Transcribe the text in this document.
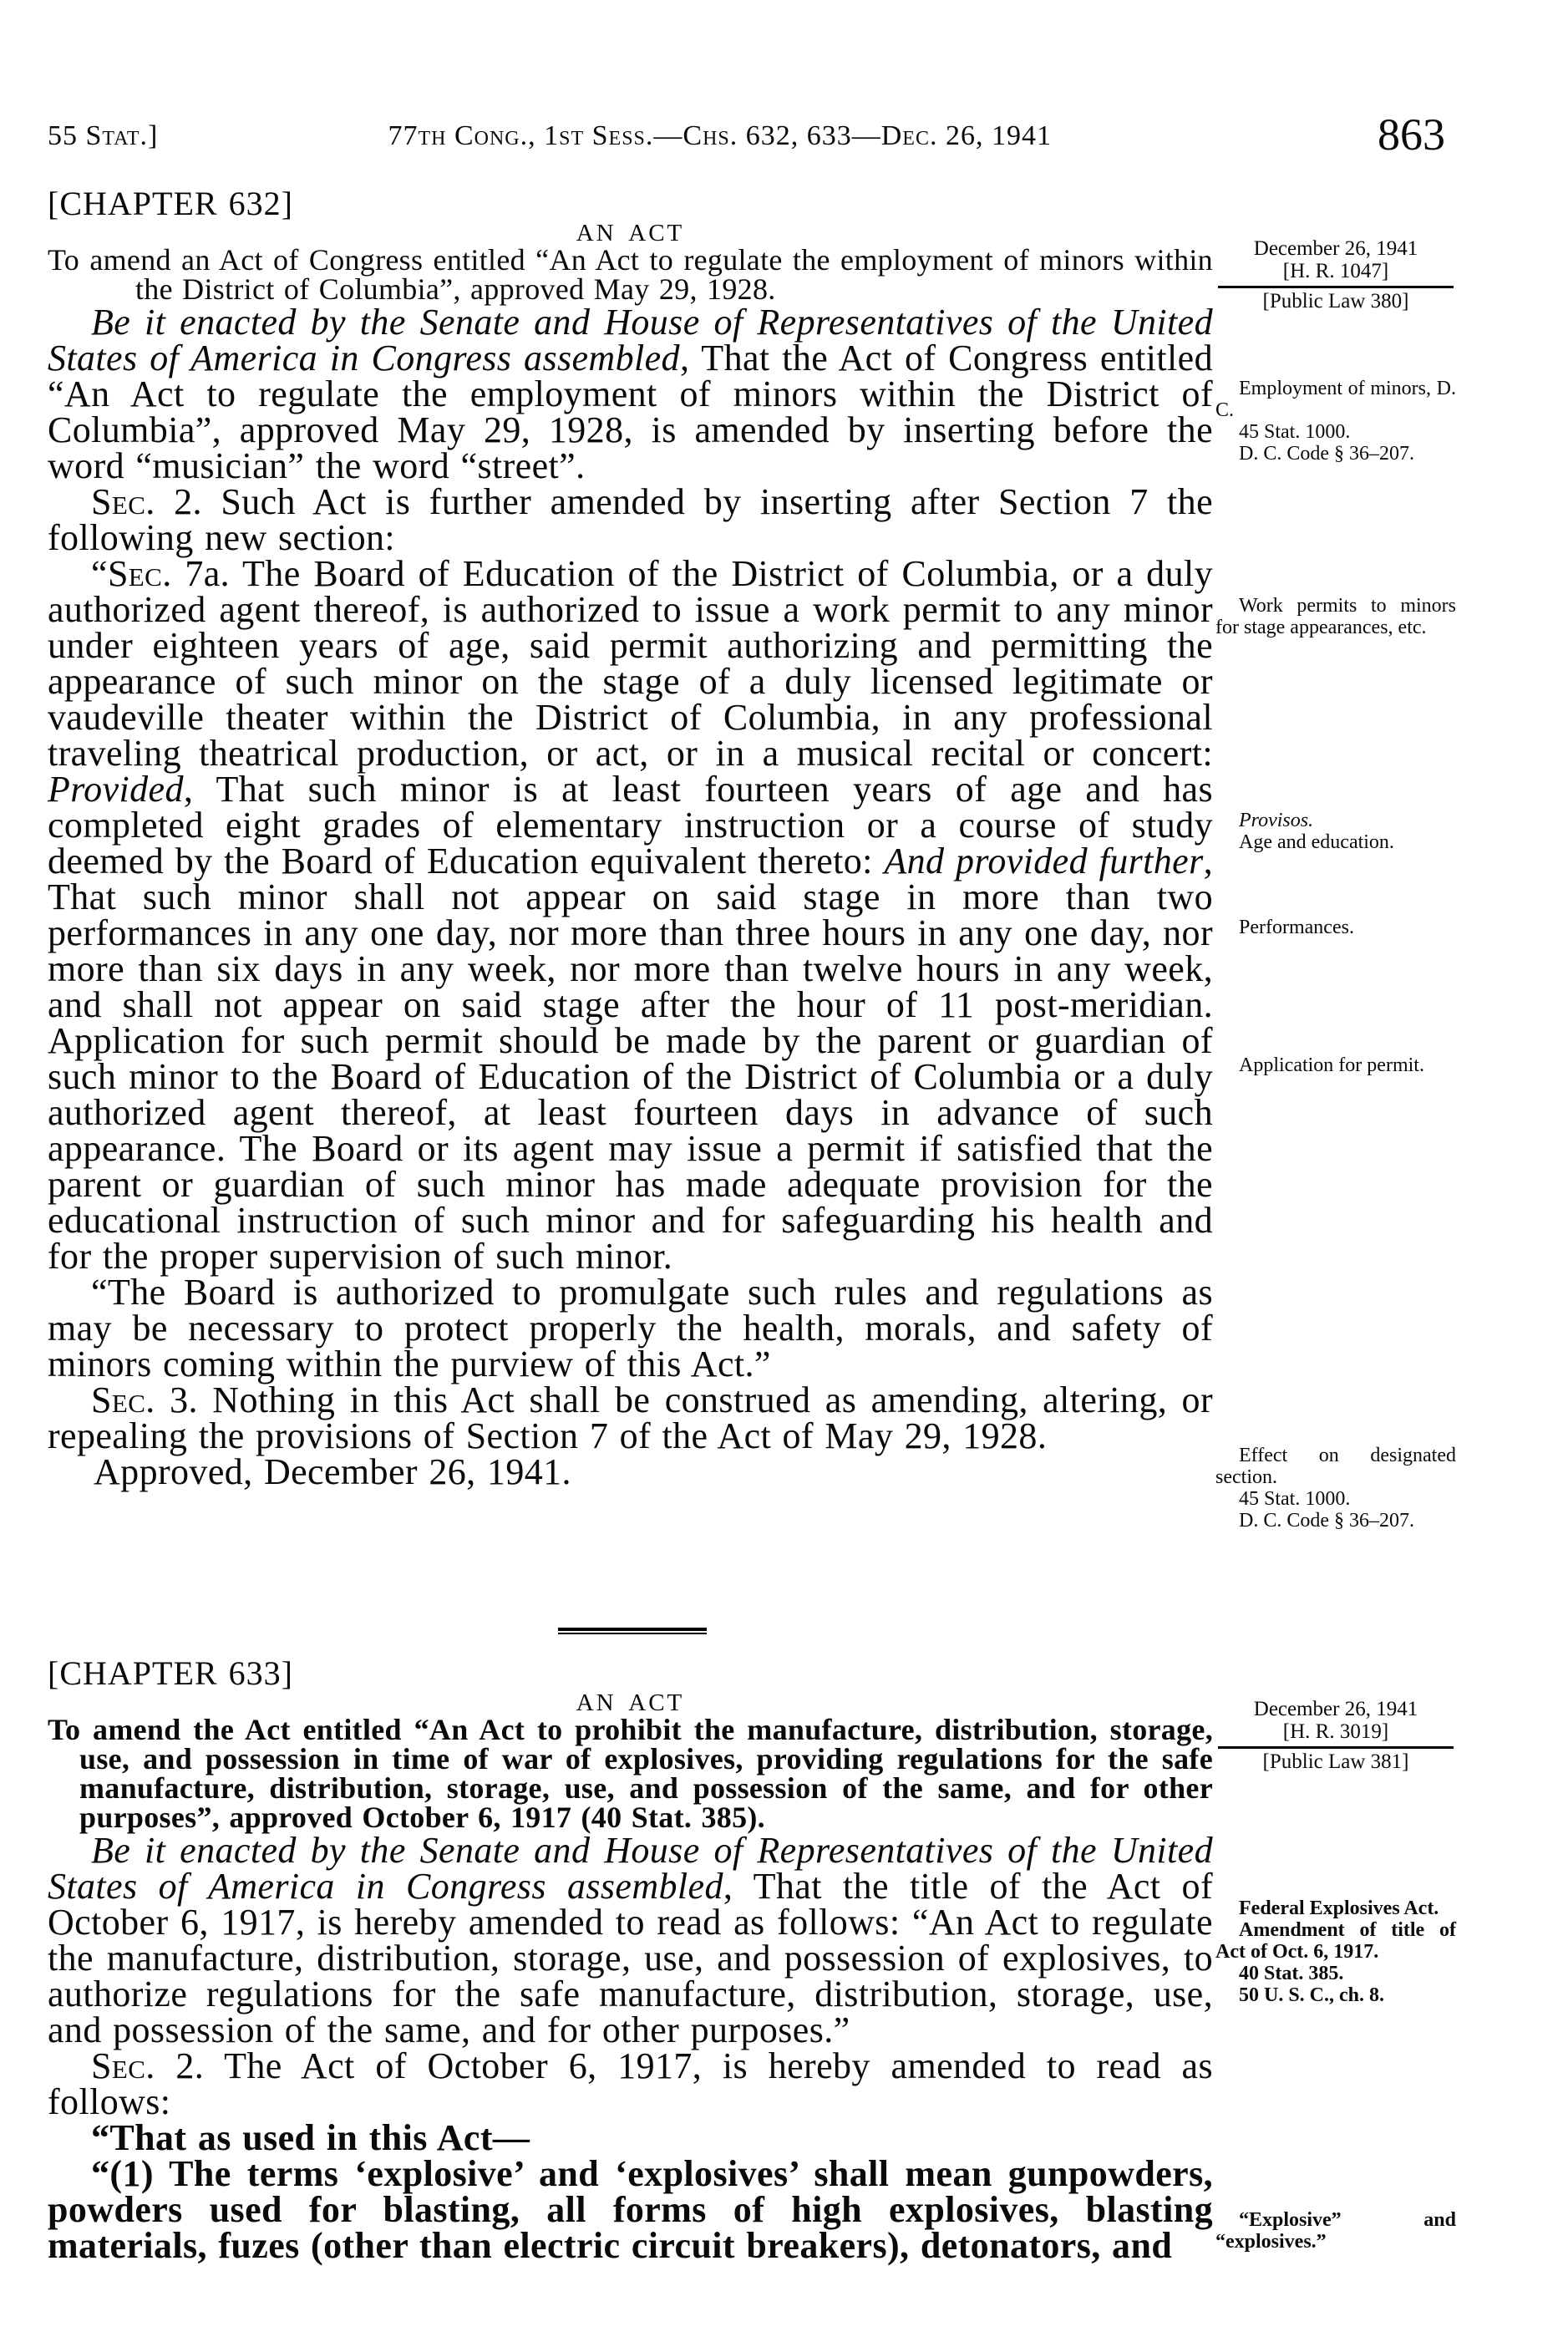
55 Stat.]	77th Cong., 1st Sess.—Chs. 632, 633—Dec. 26, 1941	863

[CHAPTER 632]

AN ACT

To amend an Act of Congress entitled “An Act to regulate the employment of minors within the District of Columbia”, approved May 29, 1928.

Be it enacted by the Senate and House of Representatives of the United States of America in Congress assembled, That the Act of Congress entitled “An Act to regulate the employment of minors within the District of Columbia”, approved May 29, 1928, is amended by inserting before the word “musician” the word “street”.

Sec. 2. Such Act is further amended by inserting after Section 7 the following new section:

“Sec. 7a. The Board of Education of the District of Columbia, or a duly authorized agent thereof, is authorized to issue a work permit to any minor under eighteen years of age, said permit authorizing and permitting the appearance of such minor on the stage of a duly licensed legitimate or vaudeville theater within the District of Columbia, in any professional traveling theatrical production, or act, or in a musical recital or concert: Provided, That such minor is at least fourteen years of age and has completed eight grades of elementary instruction or a course of study deemed by the Board of Education equivalent thereto: And provided further, That such minor shall not appear on said stage in more than two performances in any one day, nor more than three hours in any one day, nor more than six days in any week, nor more than twelve hours in any week, and shall not appear on said stage after the hour of 11 post-meridian. Application for such permit should be made by the parent or guardian of such minor to the Board of Education of the District of Columbia or a duly authorized agent thereof, at least fourteen days in advance of such appearance. The Board or its agent may issue a permit if satisfied that the parent or guardian of such minor has made adequate provision for the educational instruction of such minor and for safeguarding his health and for the proper supervision of such minor.

“The Board is authorized to promulgate such rules and regulations as may be necessary to protect properly the health, morals, and safety of minors coming within the purview of this Act.”

Sec. 3. Nothing in this Act shall be construed as amending, altering, or repealing the provisions of Section 7 of the Act of May 29, 1928.

Approved, December 26, 1941.

[CHAPTER 633]

AN ACT

To amend the Act entitled “An Act to prohibit the manufacture, distribution, storage, use, and possession in time of war of explosives, providing regulations for the safe manufacture, distribution, storage, use, and possession of the same, and for other purposes”, approved October 6, 1917 (40 Stat. 385).

Be it enacted by the Senate and House of Representatives of the United States of America in Congress assembled, That the title of the Act of October 6, 1917, is hereby amended to read as follows: “An Act to regulate the manufacture, distribution, storage, use, and possession of explosives, to authorize regulations for the safe manufacture, distribution, storage, use, and possession of the same, and for other purposes.”

Sec. 2. The Act of October 6, 1917, is hereby amended to read as follows:

“That as used in this Act—

“(1) The terms ‘explosive’ and ‘explosives’ shall mean gunpowders, powders used for blasting, all forms of high explosives, blasting materials, fuzes (other than electric circuit breakers), detonators, and

December 26, 1941

[H. R. 1047]

[Public Law 380]

Employment of minors, D. C.

45 Stat. 1000.

D. C. Code § 36–207.

Work permits to minors for stage appearances, etc.

Provisos.

Age and education.

Performances.

Application for permit.

Effect on designated section.

45 Stat. 1000.

D. C. Code § 36–207.

December 26, 1941

[H. R. 3019]

[Public Law 381]

Federal Explosives Act.

Amendment of title of Act of Oct. 6, 1917.

40 Stat. 385.

50 U. S. C., ch. 8.

“Explosive” and “explosives.”
